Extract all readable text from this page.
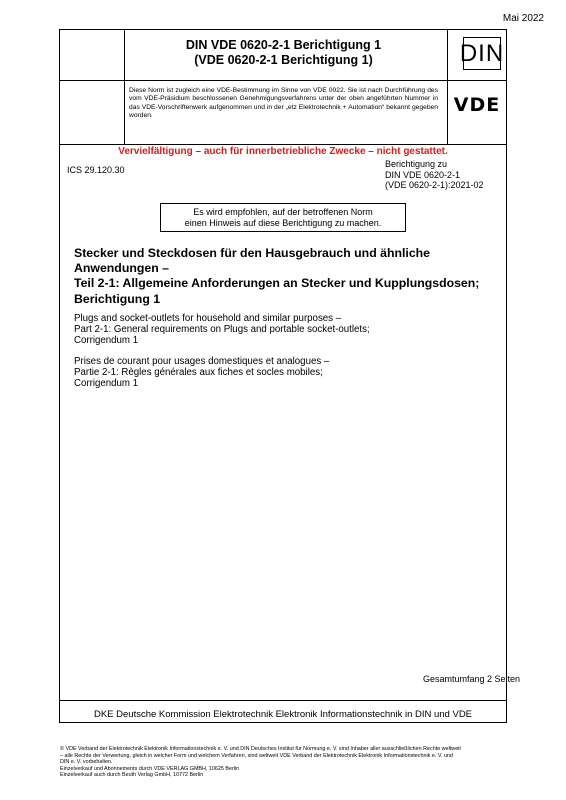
Mai 2022
DIN VDE 0620-2-1 Berichtigung 1
(VDE 0620-2-1 Berichtigung 1)	DIN
VDE
Diese Norm ist zugleich eine VDE-Bestimmung im Sinne von VDE 0022. Sie ist nach Durchführung des vom VDE-Präsidium beschlossenen Genehmigungsverfahrens unter der oben angeführten Nummer in das VDE-Vorschriftenwerk aufgenommen und in der „etz Elektrotechnik + Automation“ bekannt gegeben worden.
Vervielfältigung – auch für innerbetriebliche Zwecke – nicht gestattet.
ICS 29.120.30
Berichtigung zu
DIN VDE 0620-2-1
(VDE 0620-2-1):2021-02
Es wird empfohlen, auf der betroffenen Norm
einen Hinweis auf diese Berichtigung zu machen.
Stecker und Steckdosen für den Hausgebrauch und ähnliche
Anwendungen –
Teil 2-1: Allgemeine Anforderungen an Stecker und Kupplungsdosen;
Berichtigung 1
Plugs and socket-outlets for household and similar purposes –
Part 2-1: General requirements on Plugs and portable socket-outlets;
Corrigendum 1
Prises de courant pour usages domestiques et analogues –
Partie 2-1: Règles générales aux fiches et socles mobiles;
Corrigendum 1
Gesamtumfang 2 Seiten
DKE Deutsche Kommission Elektrotechnik Elektronik Informationstechnik in DIN und VDE
© VDE Verband der Elektrotechnik Elektronik Informationstechnik e. V. und DIN Deutsches Institut für Normung e. V. sind Inhaber aller ausschließlichen Rechte weltweit
– alle Rechte der Verwertung, gleich in welcher Form und welchem Verfahren, sind weltweit VDE Verband der Elektrotechnik Elektronik Informationstechnik e. V. und
DIN e. V. vorbehalten.
Einzelverkauf und Abonnements durch VDE VERLAG GMBH, 10625 Berlin
Einzelverkauf auch durch Beuth Verlag GmbH, 10772 Berlin
